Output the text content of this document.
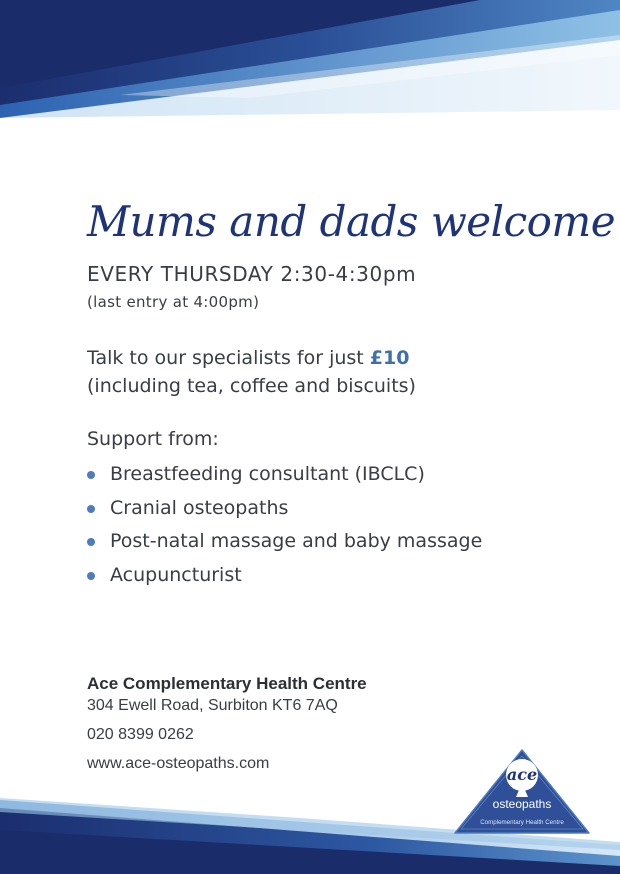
Mums and dads welcome
EVERY THURSDAY 2:30-4:30pm
(last entry at 4:00pm)
Talk to our specialists for just £10
(including tea, coffee and biscuits)
Support from:
Breastfeeding consultant (IBCLC)
Cranial osteopaths
Post-natal massage and baby massage
Acupuncturist
Ace Complementary Health Centre
304 Ewell Road, Surbiton KT6 7AQ
020 8399 0262
www.ace-osteopaths.com
ace
osteopaths
Complementary Health Centre
